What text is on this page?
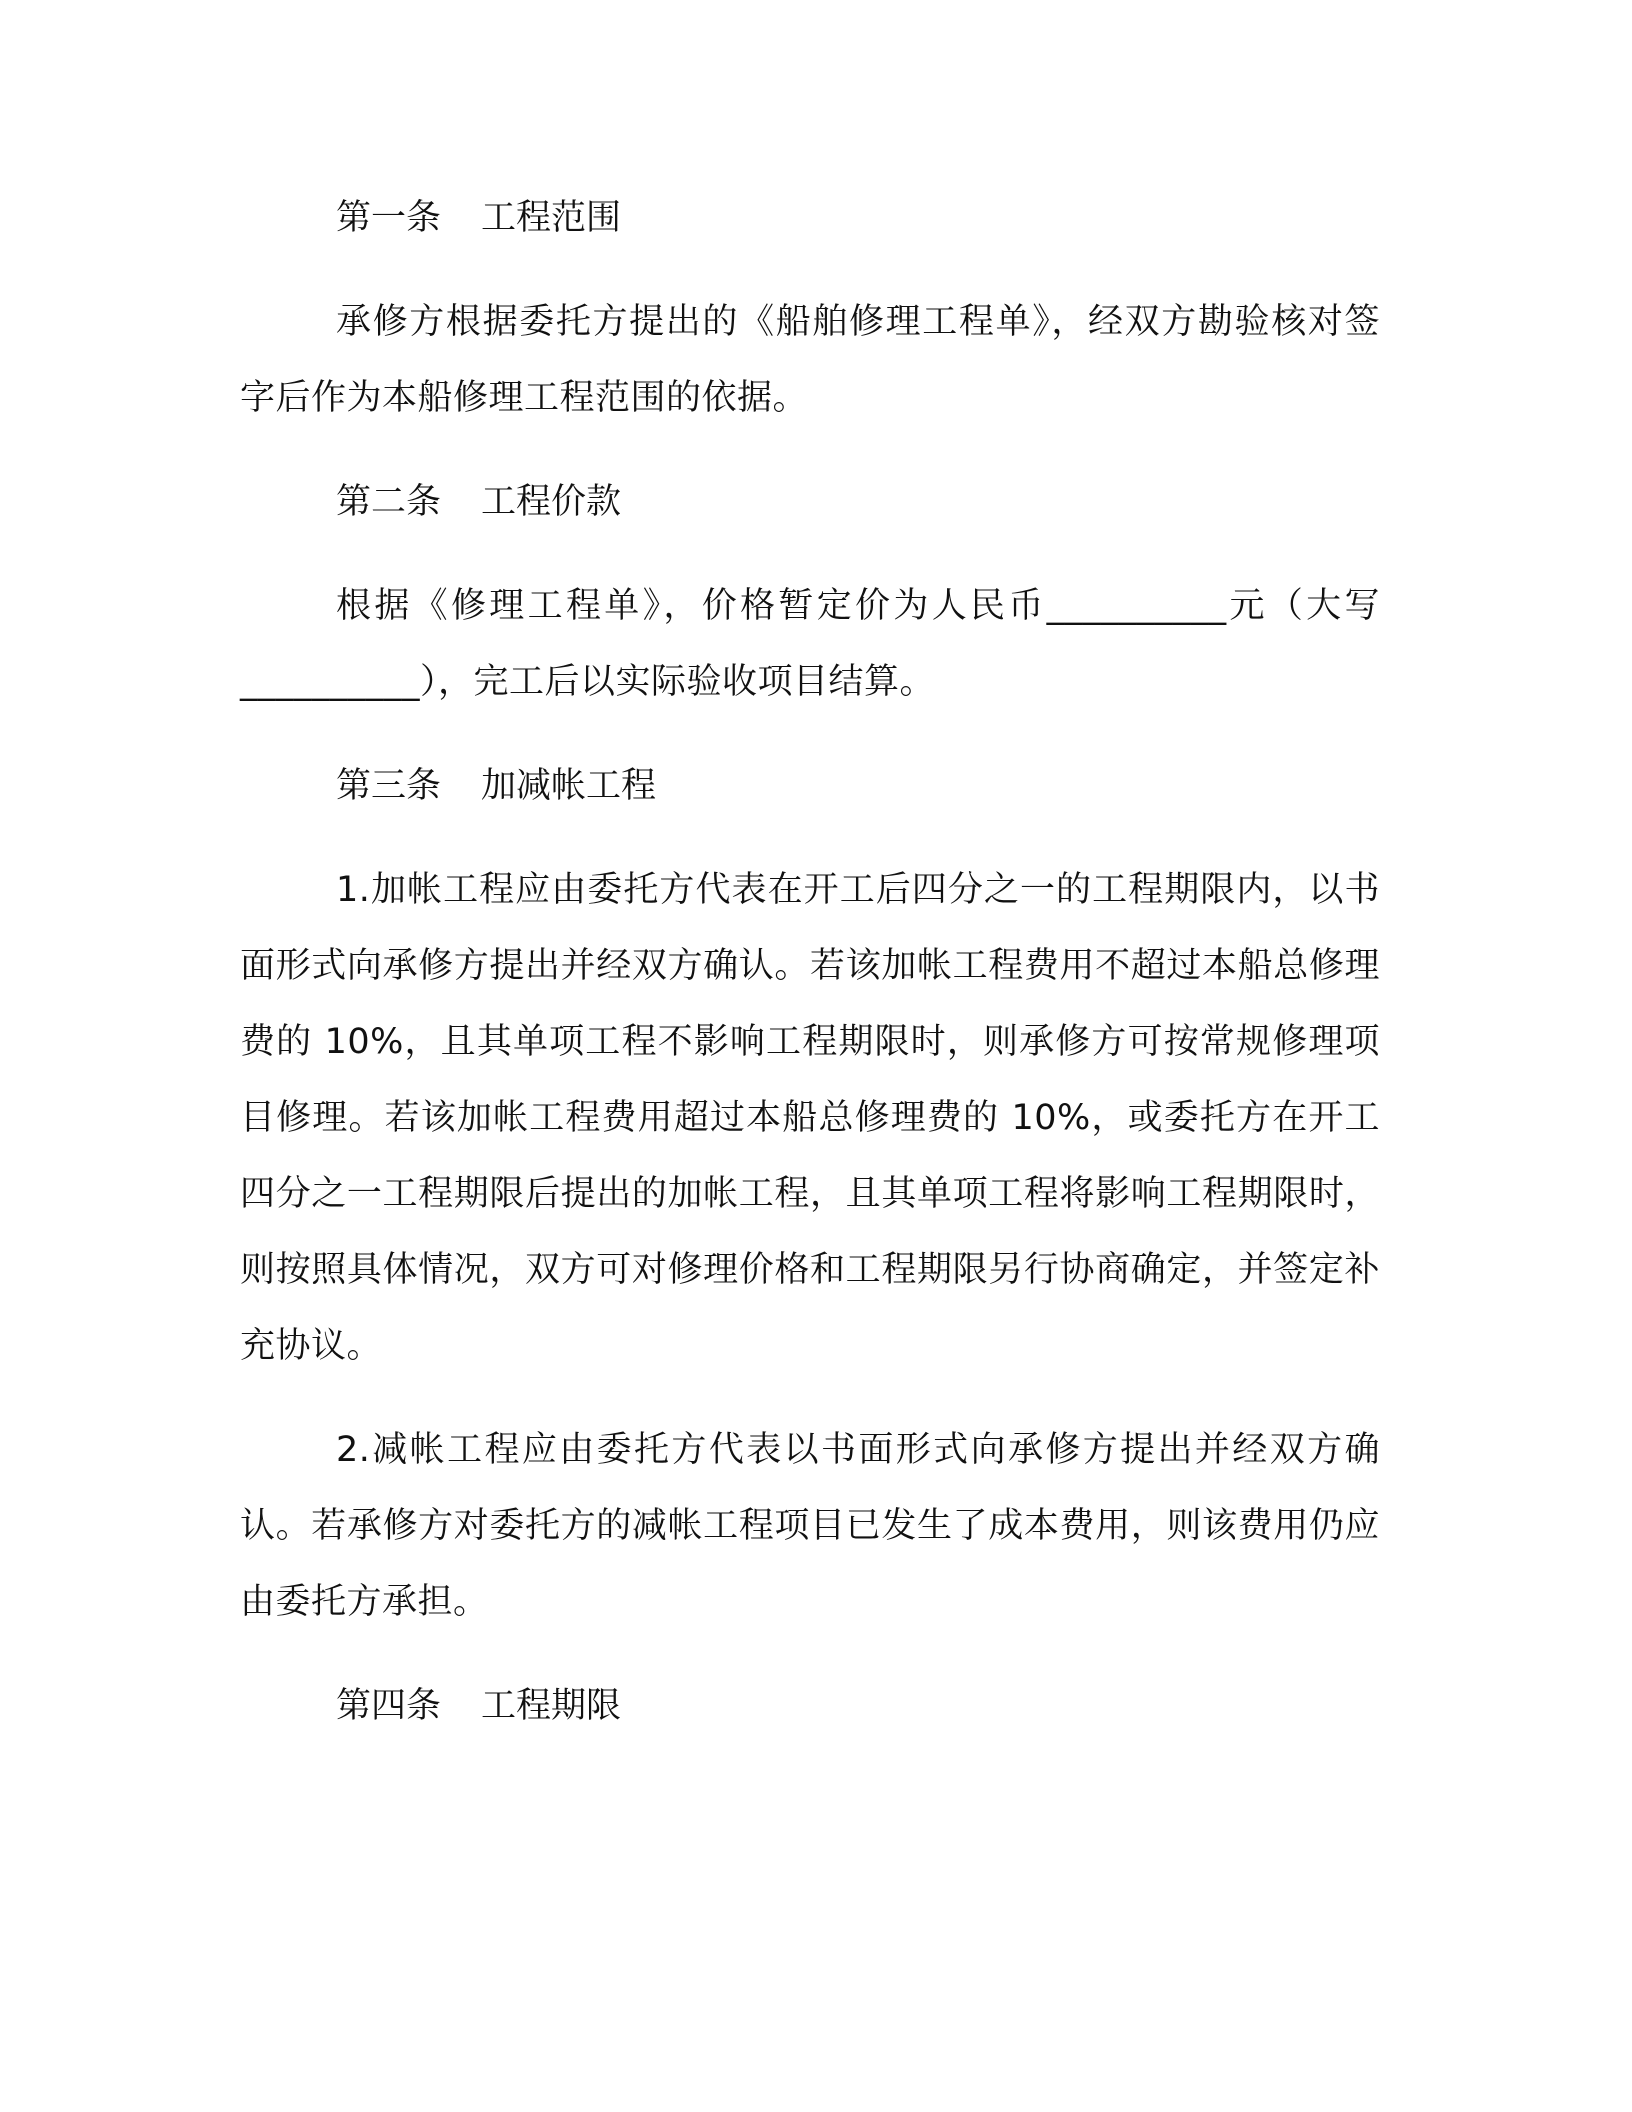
第一条 工程范围

承修方根据委托方提出的《船舶修理工程单》，经双方勘验核对签字后作为本船修理工程范围的依据。

第二条 工程价款

根据《修理工程单》，价格暂定价为人民币__________元（大写__________），完工后以实际验收项目结算。

第三条 加减帐工程

1.加帐工程应由委托方代表在开工后四分之一的工程期限内，以书面形式向承修方提出并经双方确认。若该加帐工程费用不超过本船总修理费的 10%，且其单项工程不影响工程期限时，则承修方可按常规修理项目修理。若该加帐工程费用超过本船总修理费的 10%，或委托方在开工四分之一工程期限后提出的加帐工程，且其单项工程将影响工程期限时，则按照具体情况，双方可对修理价格和工程期限另行协商确定，并签定补充协议。

2.减帐工程应由委托方代表以书面形式向承修方提出并经双方确认。若承修方对委托方的减帐工程项目已发生了成本费用，则该费用仍应由委托方承担。

第四条 工程期限
